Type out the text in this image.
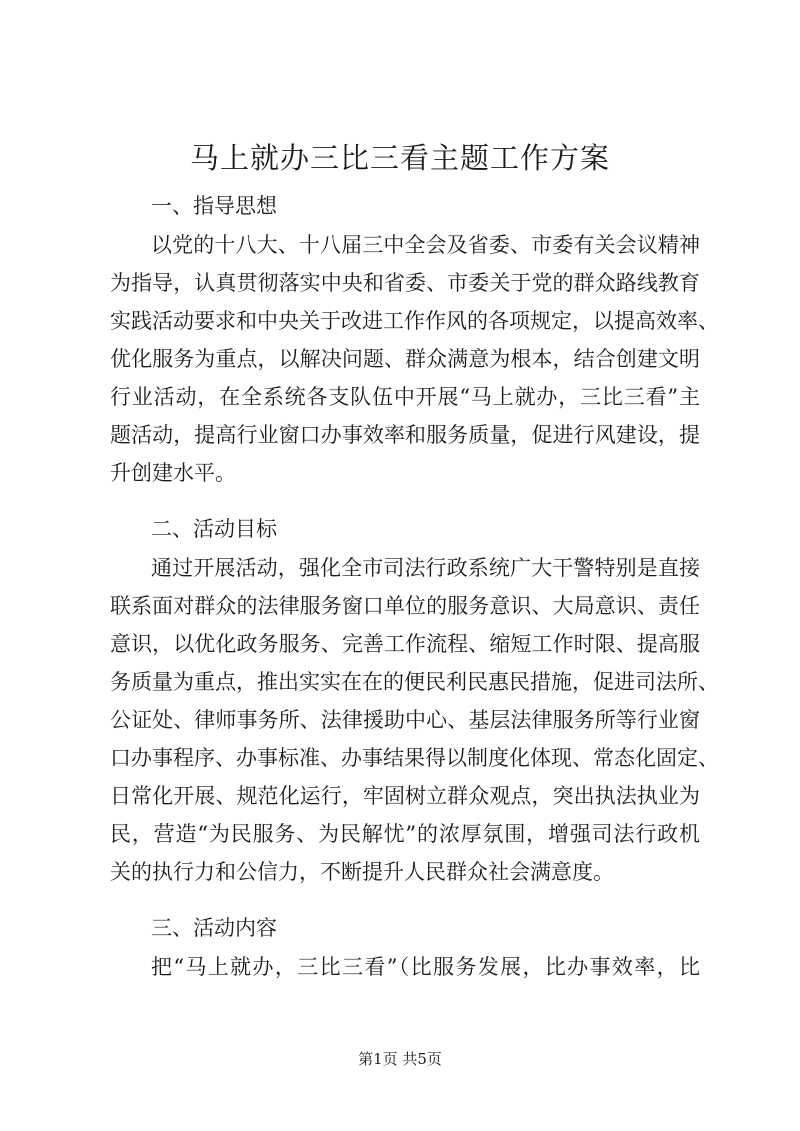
马上就办三比三看主题工作方案
一、指导思想
以党的十八大、十八届三中全会及省委、市委有关会议精神
为指导，认真贯彻落实中央和省委、市委关于党的群众路线教育
实践活动要求和中央关于改进工作作风的各项规定，以提高效率、
优化服务为重点，以解决问题、群众满意为根本，结合创建文明
行业活动，在全系统各支队伍中开展“马上就办，三比三看”主
题活动，提高行业窗口办事效率和服务质量，促进行风建设，提
升创建水平。
二、活动目标
通过开展活动，强化全市司法行政系统广大干警特别是直接
联系面对群众的法律服务窗口单位的服务意识、大局意识、责任
意识，以优化政务服务、完善工作流程、缩短工作时限、提高服
务质量为重点，推出实实在在的便民利民惠民措施，促进司法所、
公证处、律师事务所、法律援助中心、基层法律服务所等行业窗
口办事程序、办事标准、办事结果得以制度化体现、常态化固定、
日常化开展、规范化运行，牢固树立群众观点，突出执法执业为
民，营造“为民服务、为民解忧”的浓厚氛围，增强司法行政机
关的执行力和公信力，不断提升人民群众社会满意度。
三、活动内容
把“马上就办，三比三看”（比服务发展，比办事效率，比
第1页 共5页
